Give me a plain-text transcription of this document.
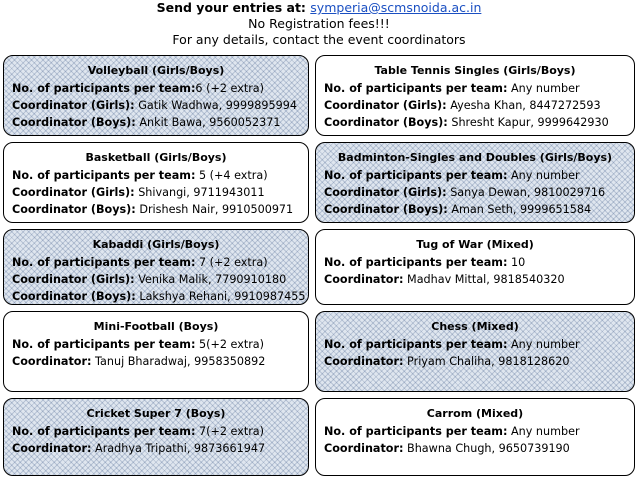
Send your entries at: symperia@scmsnoida.ac.in
No Registration fees!!!
For any details, contact the event coordinators
Volleyball (Girls/Boys)
No. of participants per team:6 (+2 extra)
Coordinator (Girls): Gatik Wadhwa, 9999895994
Coordinator (Boys): Ankit Bawa, 9560052371
Table Tennis Singles (Girls/Boys)
No. of participants per team: Any number
Coordinator (Girls): Ayesha Khan, 8447272593
Coordinator (Boys): Shresht Kapur, 9999642930
Basketball (Girls/Boys)
No. of participants per team: 5 (+4 extra)
Coordinator (Girls): Shivangi, 9711943011
Coordinator (Boys): Drishesh Nair, 9910500971
Badminton-Singles and Doubles (Girls/Boys)
No. of participants per team: Any number
Coordinator (Girls): Sanya Dewan, 9810029716
Coordinator (Boys): Aman Seth, 9999651584
Kabaddi (Girls/Boys)
No. of participants per team: 7 (+2 extra)
Coordinator (Girls): Venika Malik, 7790910180
Coordinator (Boys): Lakshya Rehani, 9910987455
Tug of War (Mixed)
No. of participants per team: 10
Coordinator: Madhav Mittal, 9818540320
Mini-Football (Boys)
No. of participants per team: 5(+2 extra)
Coordinator: Tanuj Bharadwaj, 9958350892
Chess (Mixed)
No. of participants per team: Any number
Coordinator: Priyam Chaliha, 9818128620
Cricket Super 7 (Boys)
No. of participants per team: 7(+2 extra)
Coordinator: Aradhya Tripathi, 9873661947
Carrom (Mixed)
No. of participants per team: Any number
Coordinator: Bhawna Chugh, 9650739190
